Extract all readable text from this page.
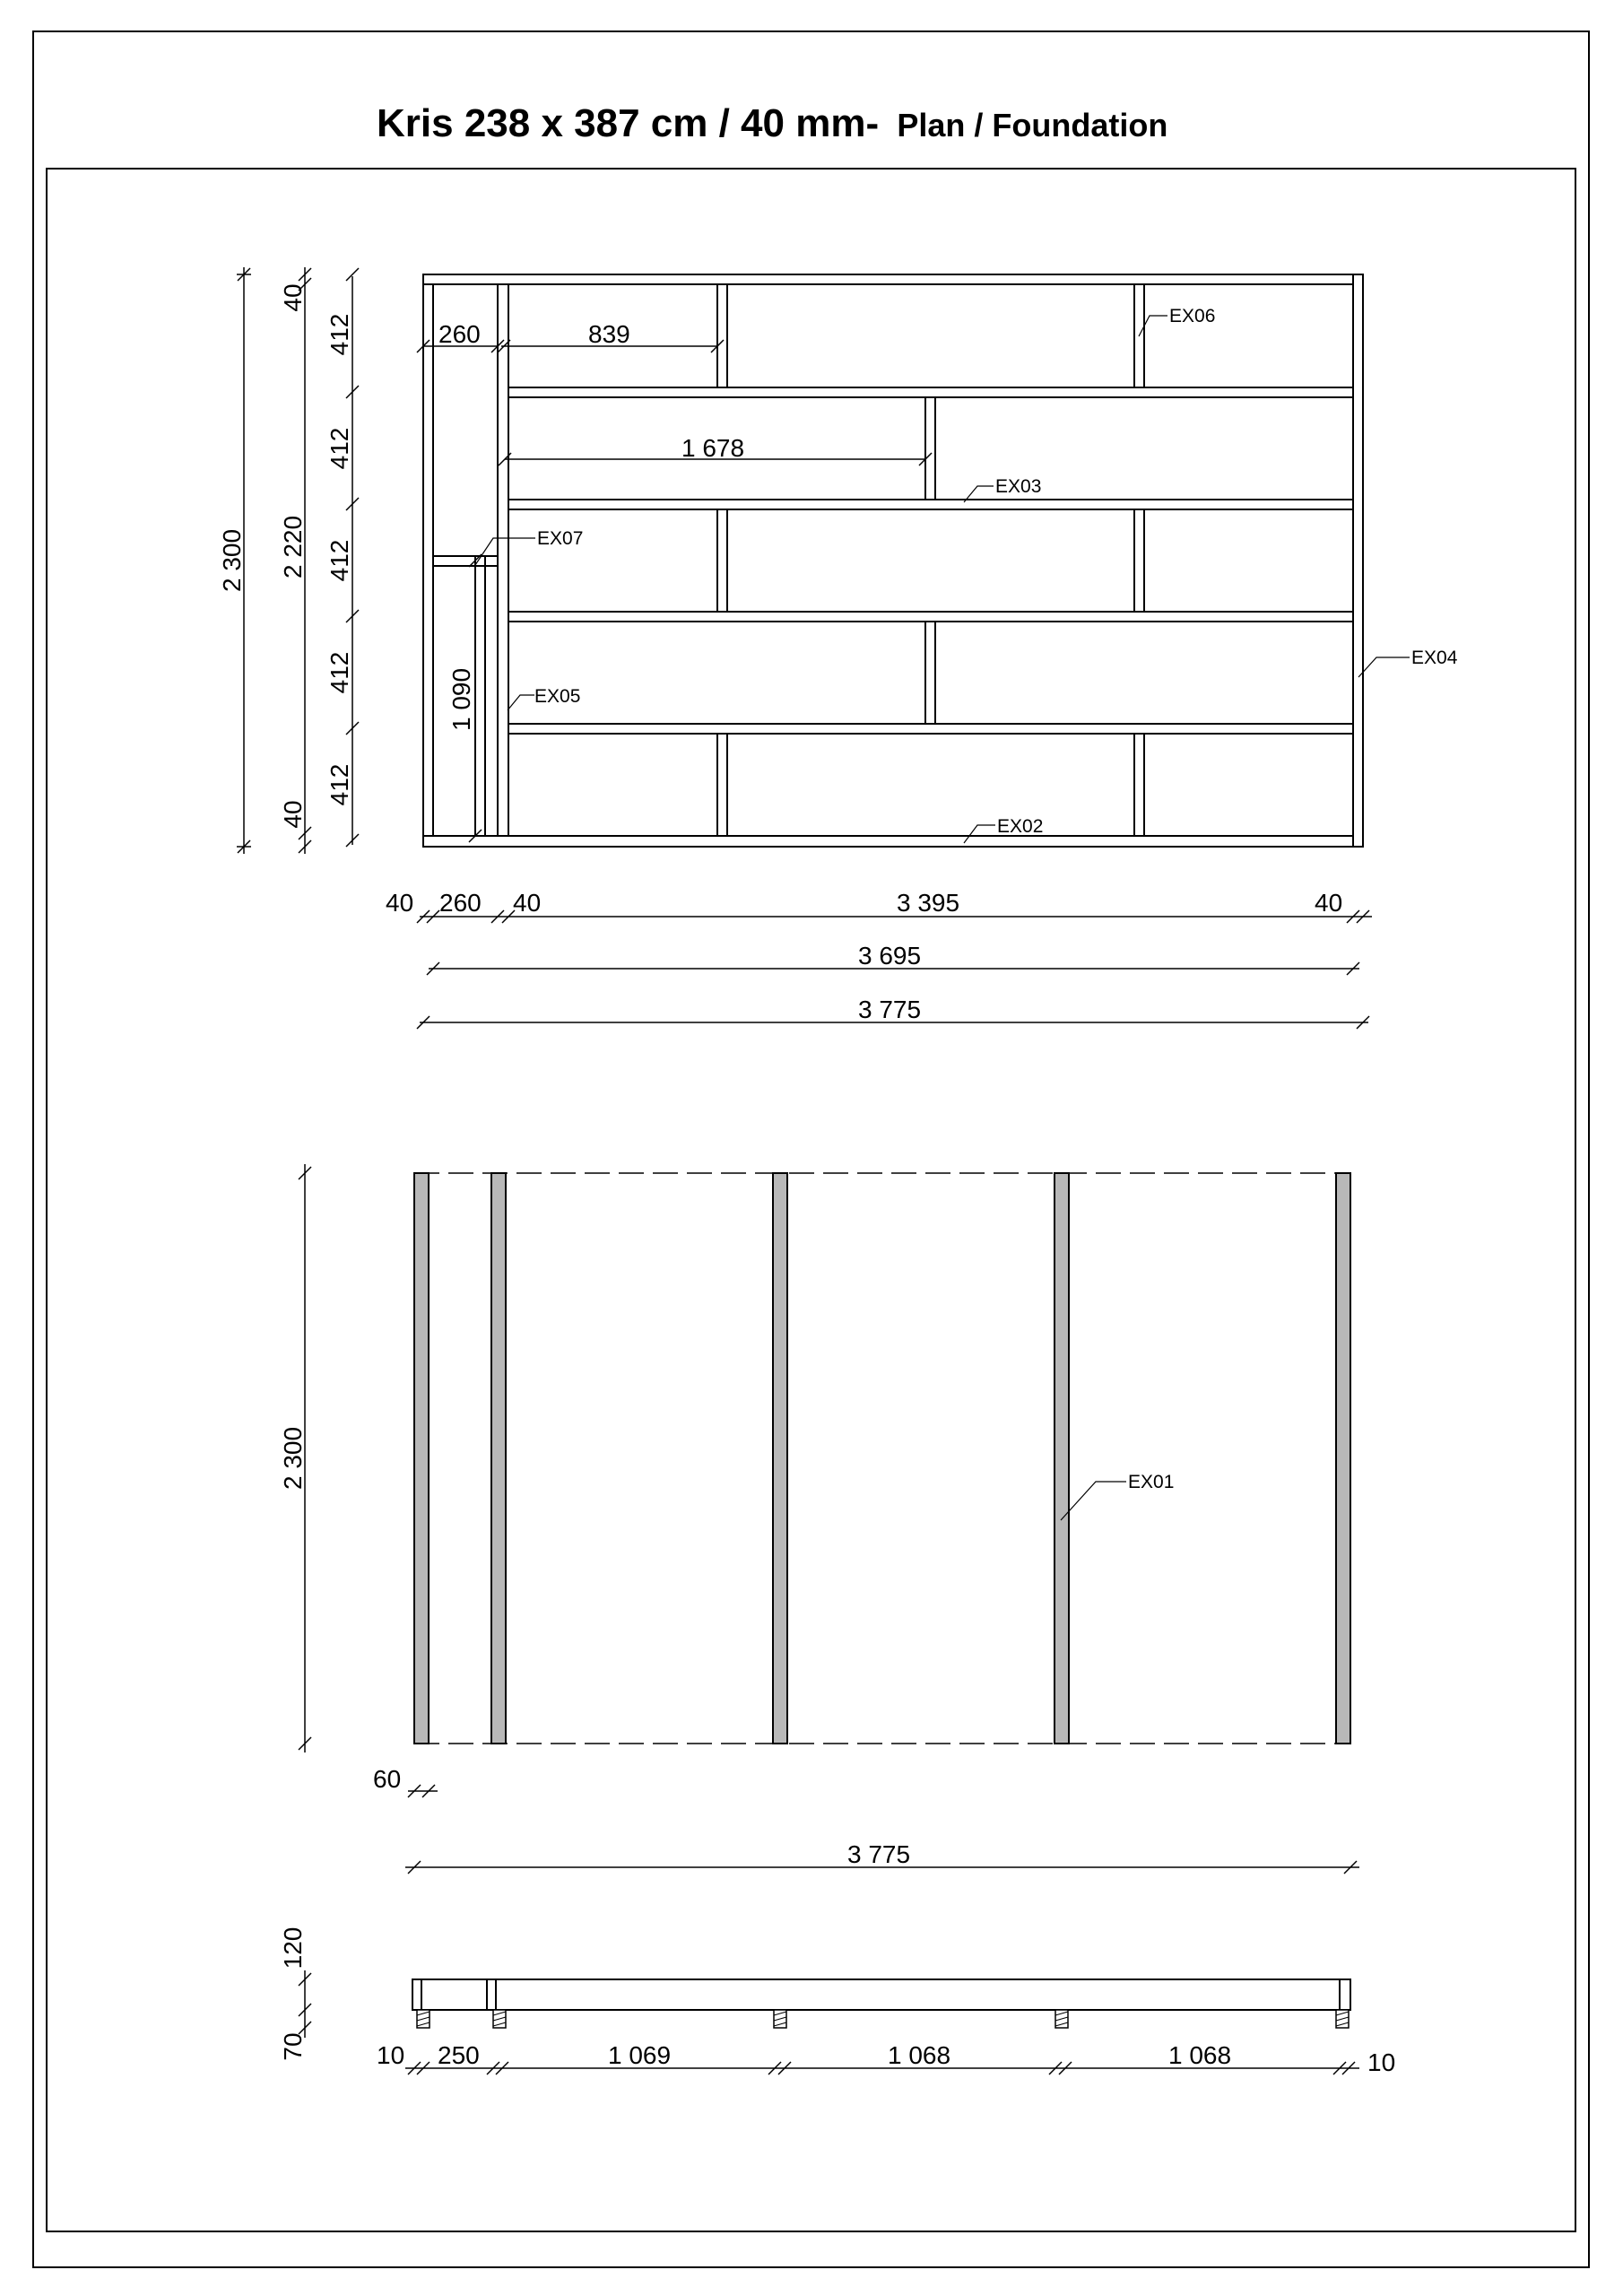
Kris 238 x 387 cm / 40 mm- Plan / Foundation
260	839
1 678
1 090
EX06
EX03
EX07
EX05
EX04
EX02
2 300 2 220
40
40
412
412
412
412
412
40 260 40	3 395	40
3 695
3 775
EX01
2 300
60
3 775
120
70	10 250	1 069	1 068	1 068	10
